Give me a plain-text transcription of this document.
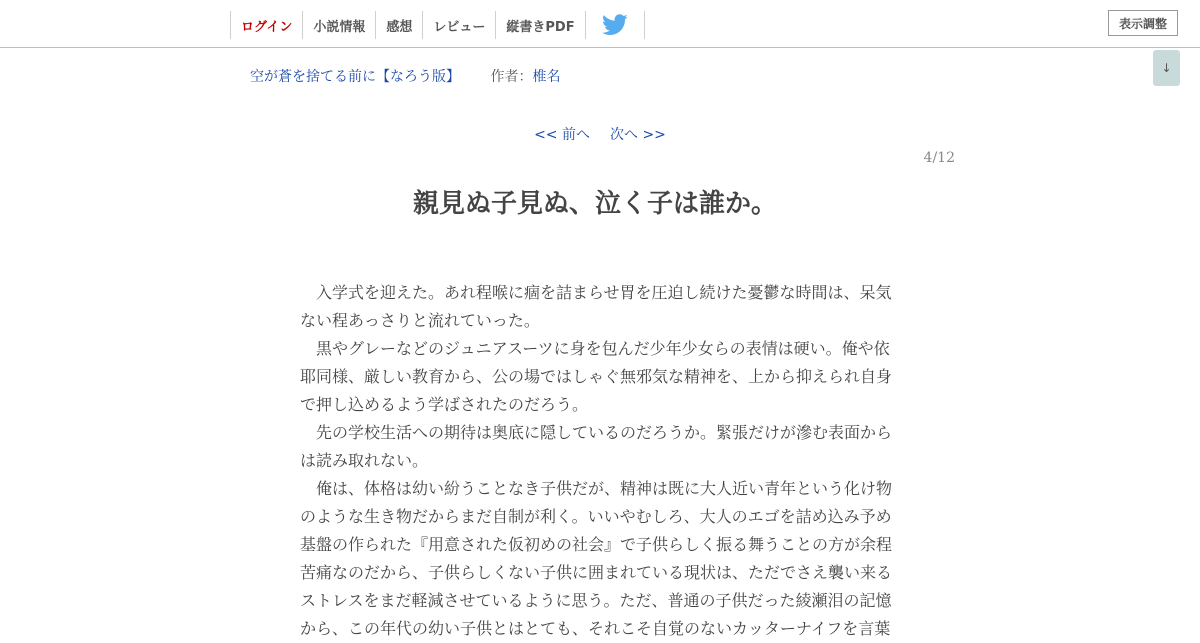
ログイン	小説情報	感想	レビュー	縦書きPDF	表示調整
↓
空が蒼を捨てる前に【なろう版】 作者：椎名
<< 前へ 次へ >>
4/12
親見ぬ子見ぬ、泣く子は誰か。

　入学式を迎えた。あれ程喉に痼を詰まらせ胃を圧迫し続けた憂鬱な時間は、呆気ない程あっさりと流れていった。

　黒やグレーなどのジュニアスーツに身を包んだ少年少女らの表情は硬い。俺や依耶同様、厳しい教育から、公の場ではしゃぐ無邪気な精神を、上から抑えられ自身で押し込めるよう学ばされたのだろう。

　先の学校生活への期待は奥底に隠しているのだろうか。緊張だけが滲む表面からは読み取れない。

　俺は、体格は幼い紛うことなき子供だが、精神は既に大人近い青年という化け物のような生き物だからまだ自制が利く。いいやむしろ、大人のエゴを詰め込み予め基盤の作られた『用意された仮初めの社会』で子供らしく振る舞うことの方が余程苦痛なのだから、子供らしくない子供に囲まれている現状は、ただでさえ襲い来るストレスをまだ軽減させているように思う。ただ、普通の子供だった綾瀬泪の記憶から、この年代の幼い子供とはとても、それこそ自覚のないカッターナイフを言葉
